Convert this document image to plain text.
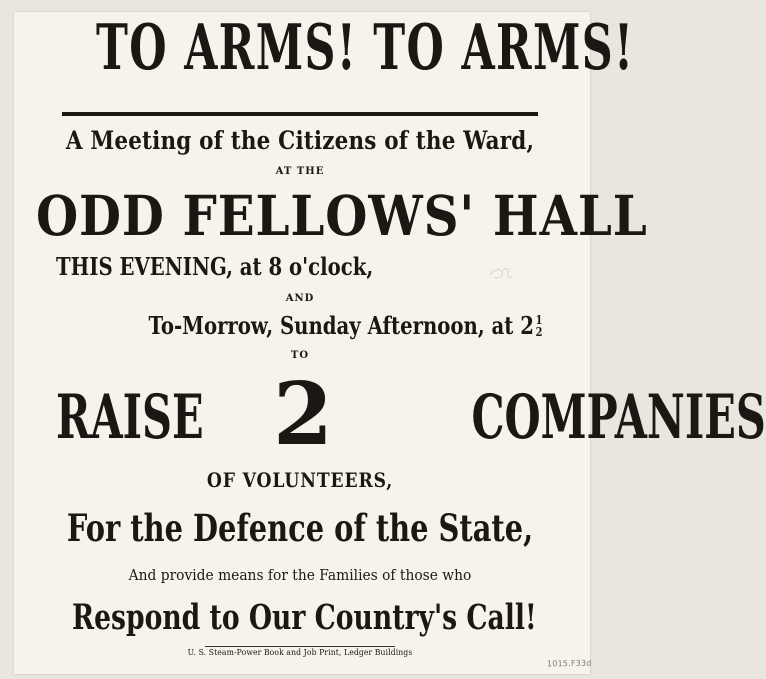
TO ARMS! TO ARMS!
A Meeting of the Citizens of the Ward,
AT THE
ODD FELLOWS' HALL
THIS EVENING, at 8 o'clock,
AND
To-Morrow, Sunday Afternoon, at 2 1
2
TO
RAISE 2 COMPANIES
OF VOLUNTEERS,
For the Defence of the State,
And provide means for the Families of those who
Respond to Our Country's Call!
U. S. Steam-Power Book and Job Print, Ledger Buildings
1015.F33d
